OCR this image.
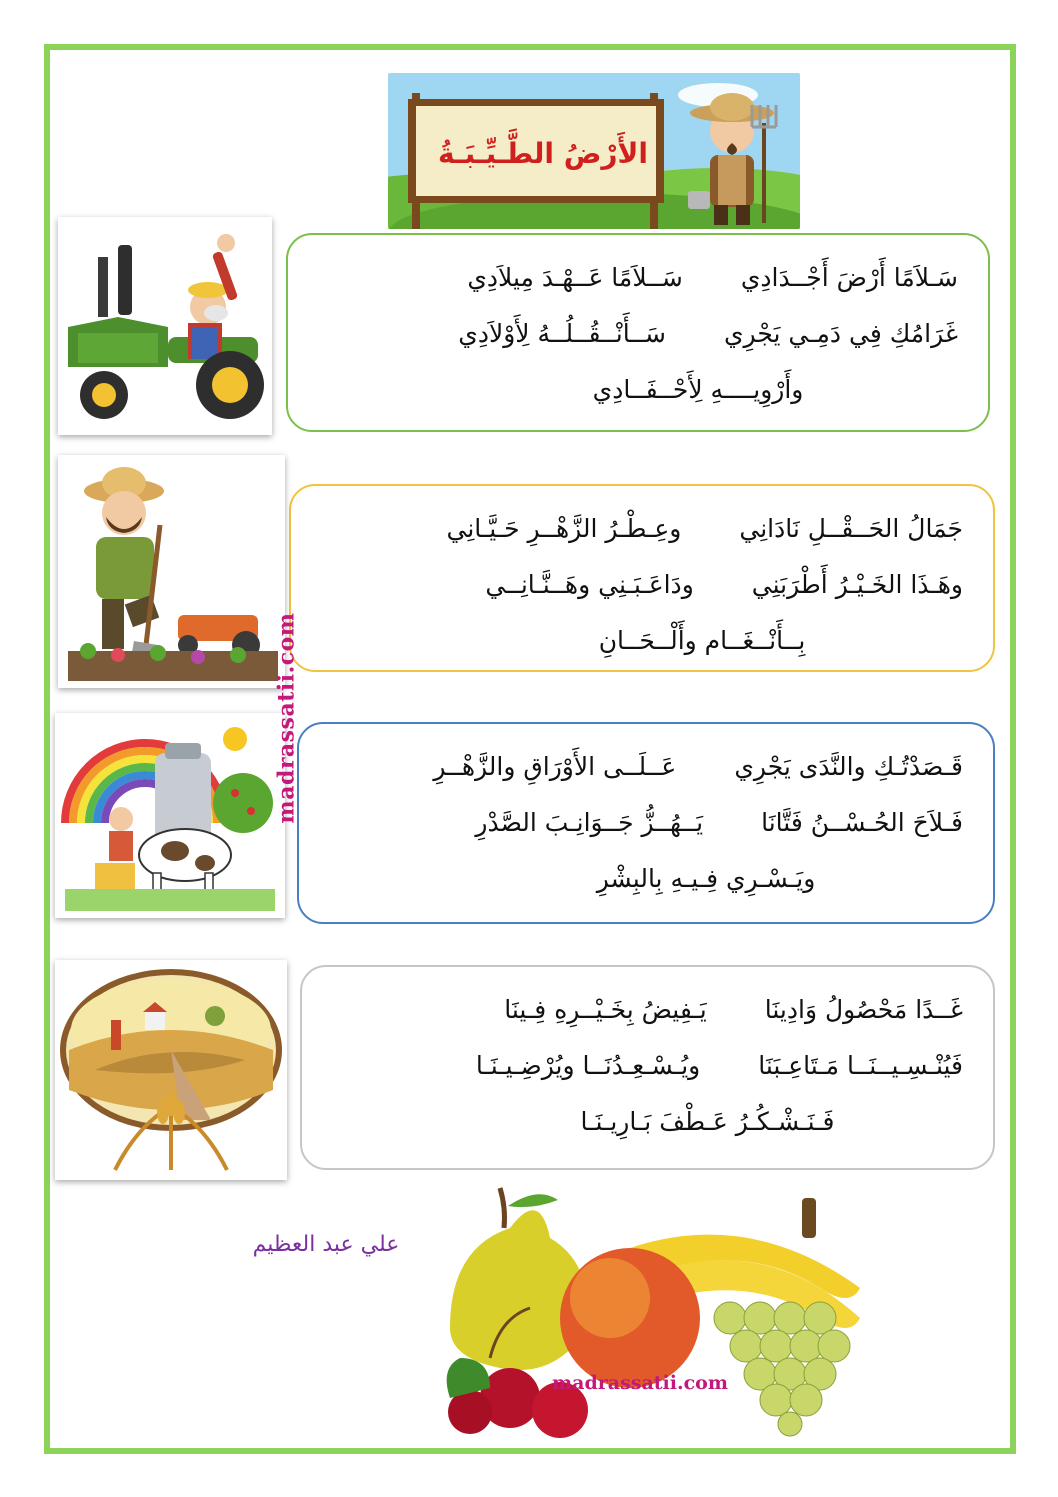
الأَرْضُ الطَّـيِّـبَـةُ
سَـلاَمًا أَرْضَ أَجْــدَادِي
سَــلاَمًا عَــهْـدَ مِيلاَدِي
غَرَامُكِ فِي دَمِـي يَجْرِي
سَــأَنْــقُــلُــهُ لِأَوْلاَدِي
وأَرْوِيــــهِ لِأَحْــفَــادِي
جَمَالُ الحَــقْــلِ نَادَانِي
وعِـطْـرُ الزَّهْــرِ حَـيَّـانِي
وهَـذَا الخَـيْـرُ أَطْرَبَنِي
ودَاعَـبَـنِي وهَــنَّـانِــي
بِــأَنْــغَــام وأَلْــحَــانِ
قَـصَدْتُـكِ والنَّدَى يَجْرِي
عَــلَــى الأَوْرَاقِ والزَّهْــرِ
فَـلاَحَ الحُـسْــنُ فَتَّانَا
يَــهُــزُّ جَــوَانِـبَ الصَّدْرِ
ويَـسْـرِي فِـيـهِ بِالبِشْرِ
غَــدًا مَحْصُولُ وَادِينَا
يَـفِيضُ بِخَـيْــرِهِ فِـينَا
فَيُنْـسِـيــنَــا مَـتَاعِـبَنَا
ويُـسْـعِـدُنَــا ويُرْضِـيـنَـا
فَـنَـشْـكُـرُ عَـطْفَ بَـارِيـنَـا
madrassatii.com
علي عبد العظيم
madrassatii.com
